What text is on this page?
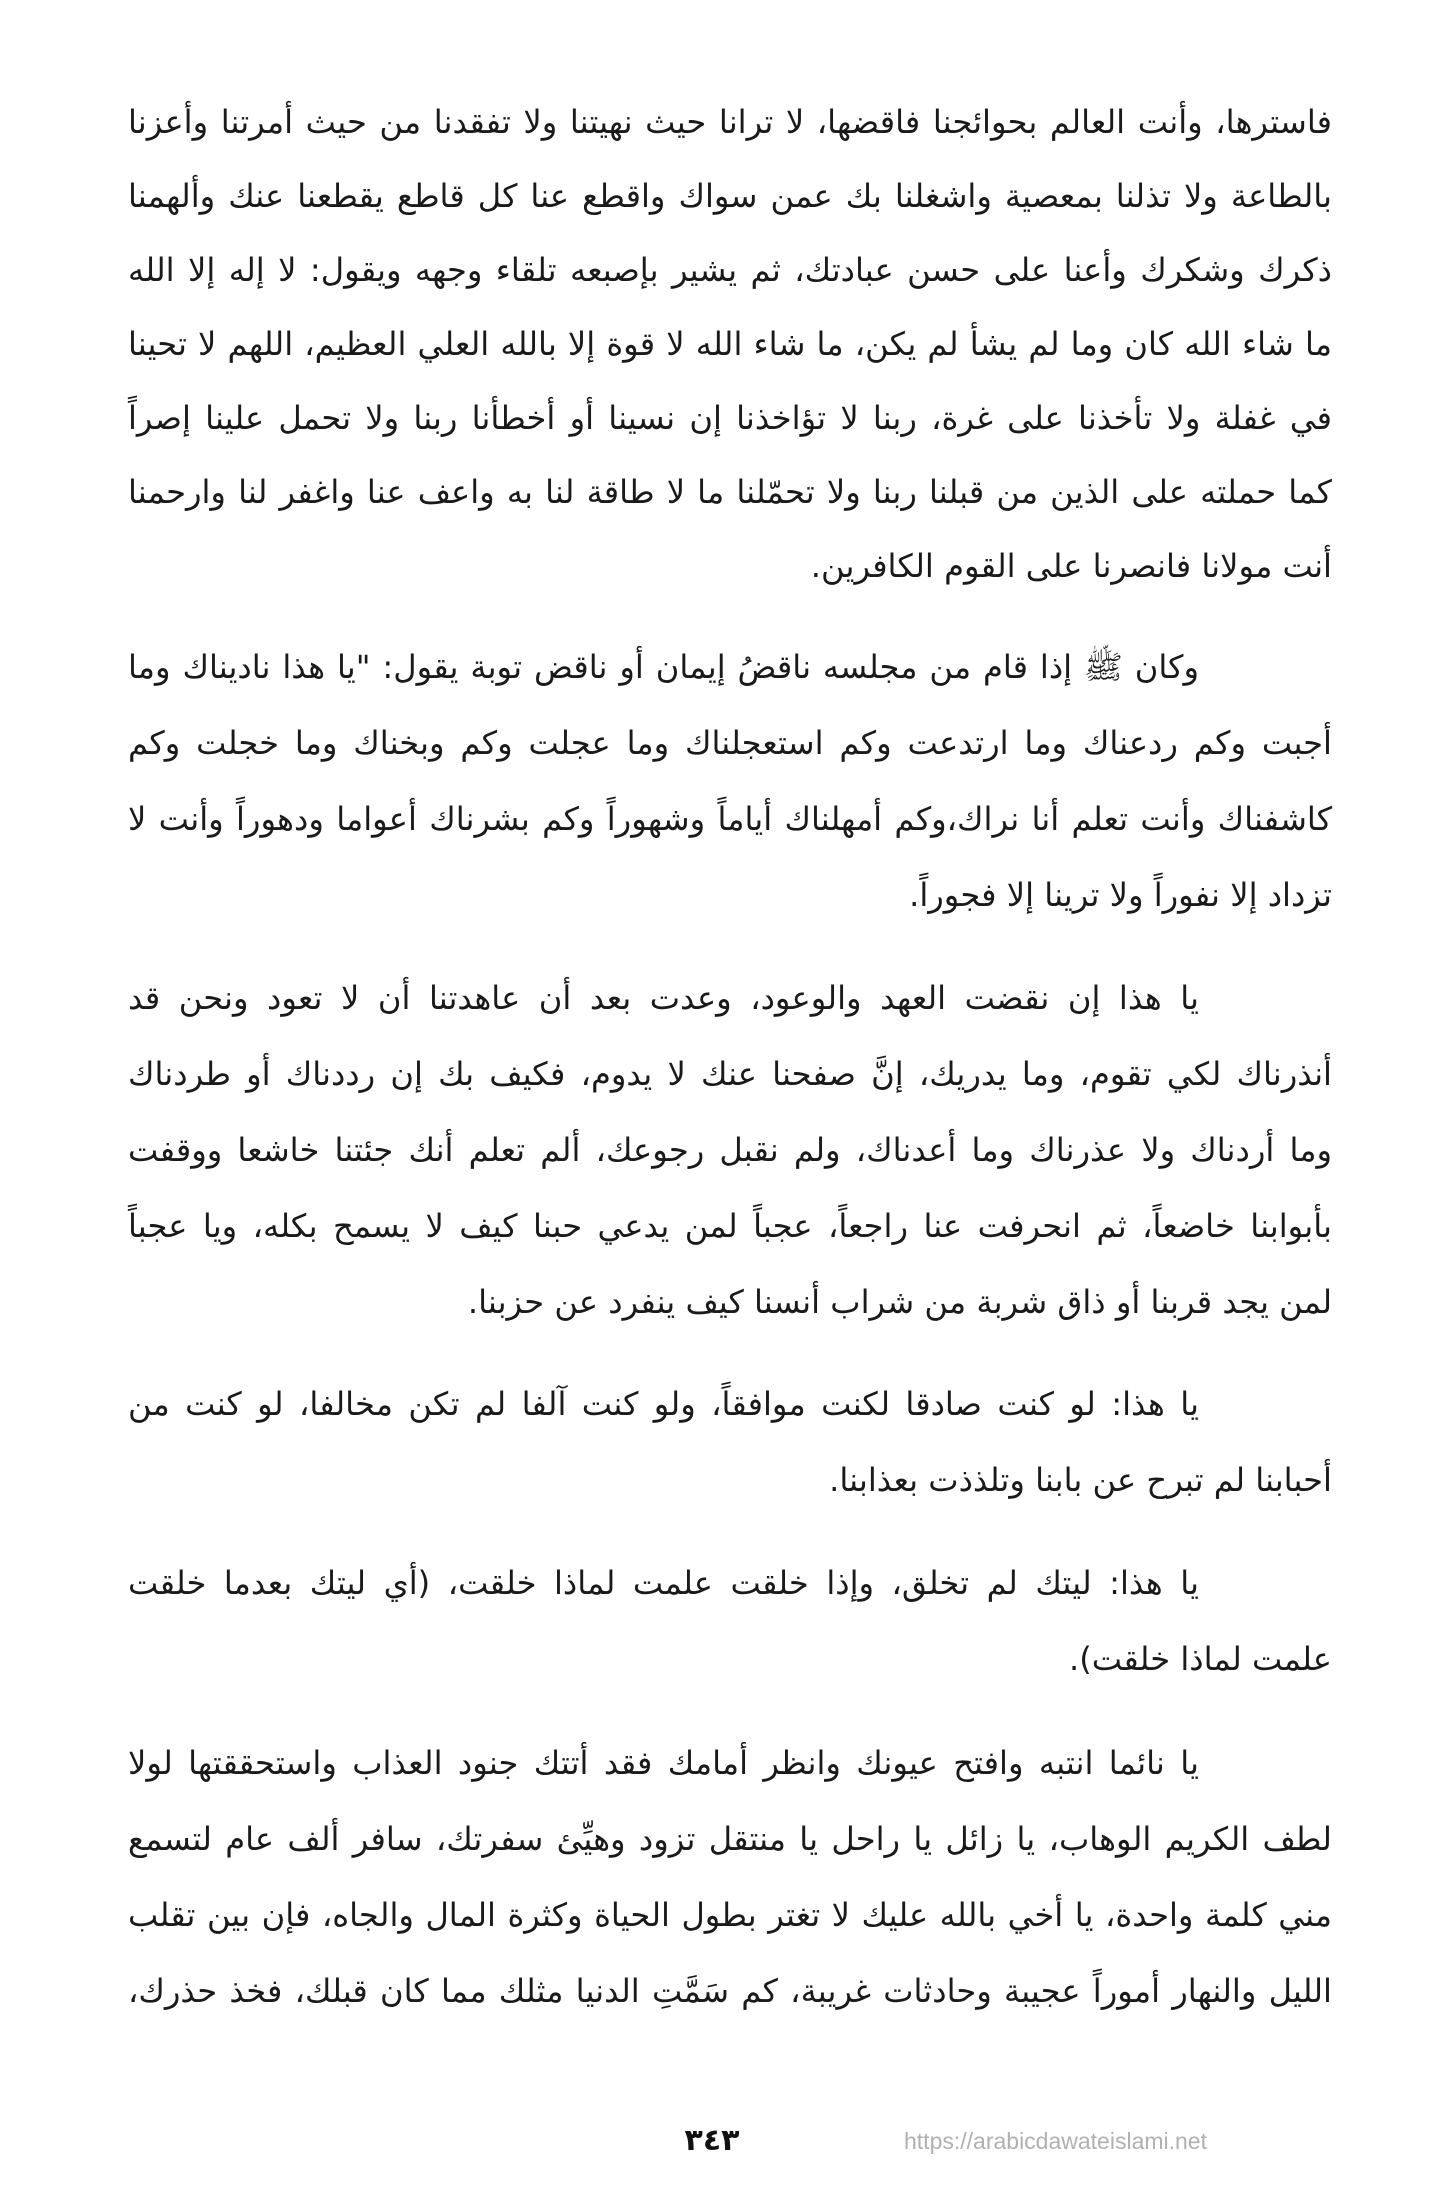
فاسترها، وأنت العالم بحوائجنا فاقضها، لا ترانا حيث نهيتنا ولا تفقدنا من حيث أمرتنا وأعزنا
بالطاعة ولا تذلنا بمعصية واشغلنا بك عمن سواك واقطع عنا كل قاطع يقطعنا عنك وألهمنا
ذكرك وشكرك وأعنا على حسن عبادتك، ثم يشير بإصبعه تلقاء وجهه ويقول: لا إله إلا الله
ما شاء الله كان وما لم يشأ لم يكن، ما شاء الله لا قوة إلا بالله العلي العظيم، اللهم لا تحينا
في غفلة ولا تأخذنا على غرة، ربنا لا تؤاخذنا إن نسينا أو أخطأنا ربنا ولا تحمل علينا إصراً
كما حملته على الذين من قبلنا ربنا ولا تحمّلنا ما لا طاقة لنا به واعف عنا واغفر لنا وارحمنا
أنت مولانا فانصرنا على القوم الكافرين.
وكان ﷺ إذا قام من مجلسه ناقضُ إيمان أو ناقض توبة يقول: "يا هذا ناديناك وما
أجبت وكم ردعناك وما ارتدعت وكم استعجلناك وما عجلت وكم وبخناك وما خجلت وكم
كاشفناك وأنت تعلم أنا نراك،وكم أمهلناك أياماً وشهوراً وكم بشرناك أعواما ودهوراً وأنت لا
تزداد إلا نفوراً ولا ترينا إلا فجوراً.
يا هذا إن نقضت العهد والوعود، وعدت بعد أن عاهدتنا أن لا تعود ونحن قد
أنذرناك لكي تقوم، وما يدريك، إنَّ صفحنا عنك لا يدوم، فكيف بك إن رددناك أو طردناك
وما أردناك ولا عذرناك وما أعدناك، ولم نقبل رجوعك، ألم تعلم أنك جئتنا خاشعا ووقفت
بأبوابنا خاضعاً، ثم انحرفت عنا راجعاً، عجباً لمن يدعي حبنا كيف لا يسمح بكله، ويا عجباً
لمن يجد قربنا أو ذاق شربة من شراب أنسنا كيف ينفرد عن حزبنا.
يا هذا: لو كنت صادقا لكنت موافقاً، ولو كنت آلفا لم تكن مخالفا، لو كنت من
أحبابنا لم تبرح عن بابنا وتلذذت بعذابنا.
يا هذا: ليتك لم تخلق، وإذا خلقت علمت لماذا خلقت، (أي ليتك بعدما خلقت
علمت لماذا خلقت).
يا نائما انتبه وافتح عيونك وانظر أمامك فقد أتتك جنود العذاب واستحققتها لولا
لطف الكريم الوهاب، يا زائل يا راحل يا منتقل تزود وهيِّئ سفرتك، سافر ألف عام لتسمع
مني كلمة واحدة، يا أخي بالله عليك لا تغتر بطول الحياة وكثرة المال والجاه، فإن بين تقلب
الليل والنهار أموراً عجيبة وحادثات غريبة، كم سَمَّتِ الدنيا مثلك مما كان قبلك، فخذ حذرك،
٣٤٣	https://arabicdawateislami.net
